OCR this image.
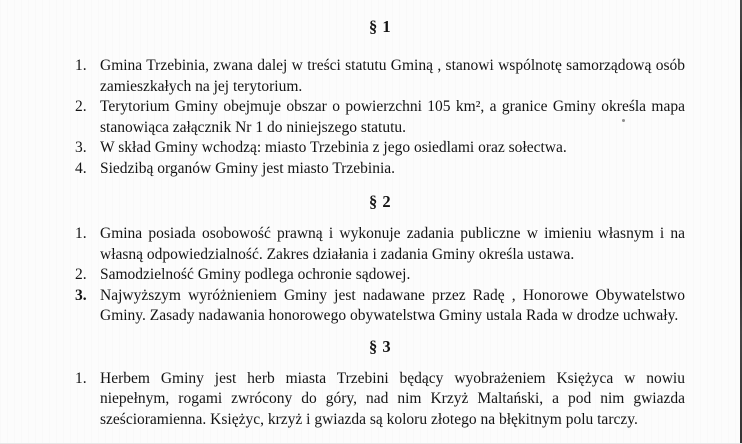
§ 1
1. Gmina Trzebinia, zwana dalej w treści statutu Gminą , stanowi wspólnotę samorządową osób zamieszkałych na jej terytorium.
2. Terytorium Gminy obejmuje obszar o powierzchni 105 km², a granice Gminy określa mapa stanowiąca załącznik Nr 1 do niniejszego statutu.
3. W skład Gminy wchodzą: miasto Trzebinia z jego osiedlami oraz sołectwa.
4. Siedzibą organów Gminy jest miasto Trzebinia.
§ 2
1. Gmina posiada osobowość prawną i wykonuje zadania publiczne w imieniu własnym i na własną odpowiedzialność. Zakres działania i zadania Gminy określa ustawa.
2. Samodzielność Gminy podlega ochronie sądowej.
3. Najwyższym wyróżnieniem Gminy jest nadawane przez Radę , Honorowe Obywatelstwo Gminy. Zasady nadawania honorowego obywatelstwa Gminy ustala Rada w drodze uchwały.
§ 3
1. Herbem Gminy jest herb miasta Trzebini będący wyobrażeniem Księżyca w nowiu niepełnym, rogami zwrócony do góry, nad nim Krzyż Maltański, a pod nim gwiazda sześcioramienna. Księżyc, krzyż i gwiazda są koloru złotego na błękitnym polu tarczy.
